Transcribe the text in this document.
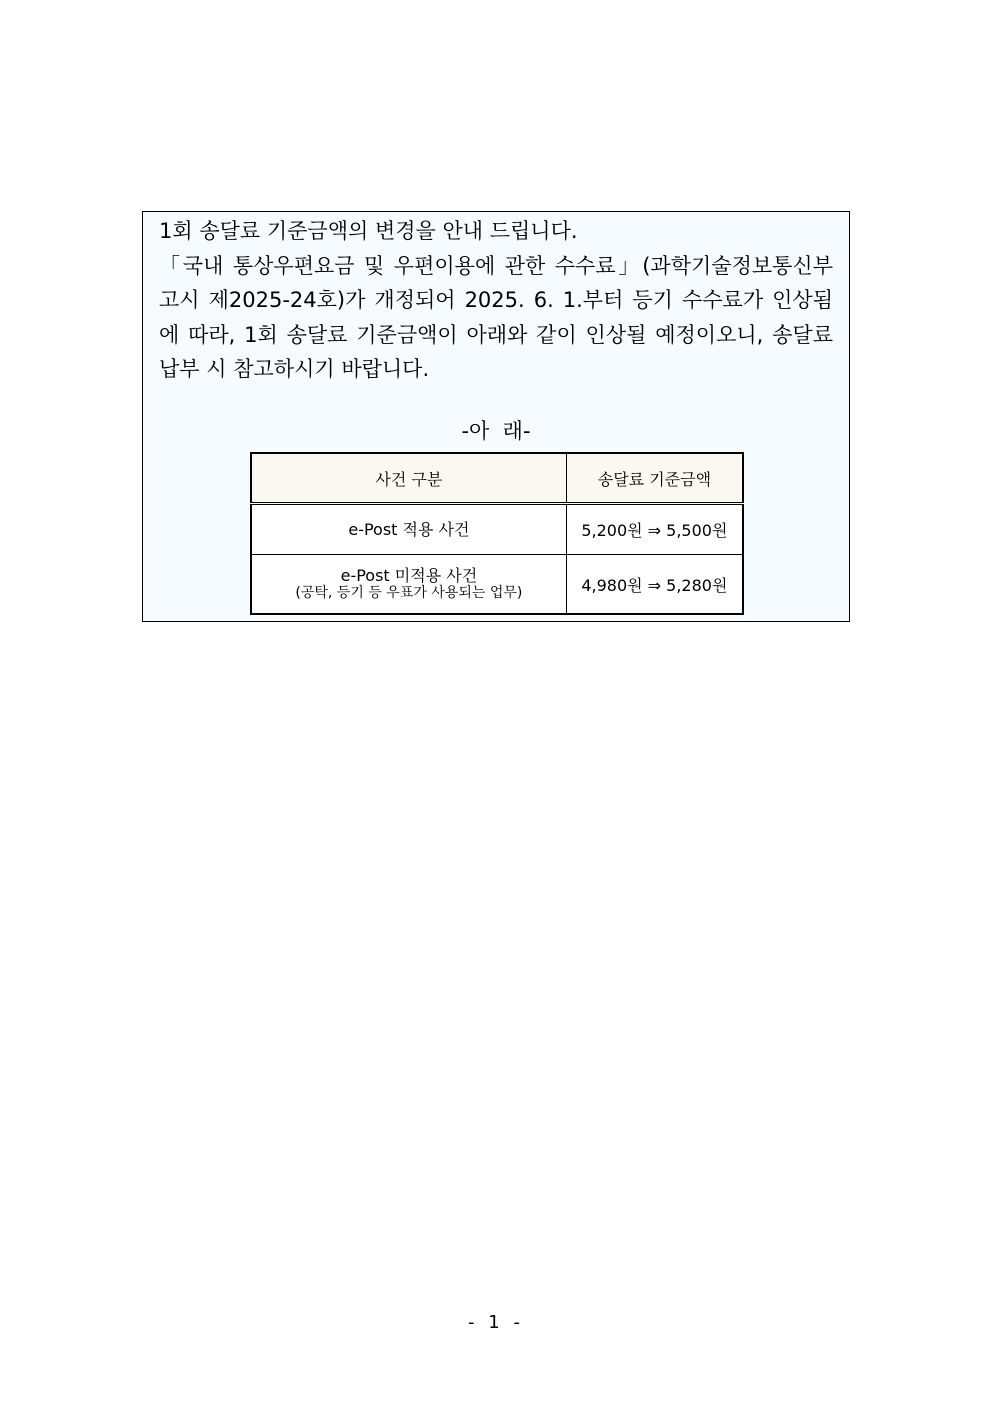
1회 송달료 기준금액의 변경을 안내 드립니다.

「국내 통상우편요금 및 우편이용에 관한 수수료」(과학기술정보통신부 고시 제2025-24호)가 개정되어 2025. 6. 1.부터 등기 수수료가 인상됨에 따라, 1회 송달료 기준금액이 아래와 같이 인상될 예정이오니, 송달료 납부 시 참고하시기 바랍니다.

-아  래-

사건 구분	송달료 기준금액

e-Post 적용 사건	5,200원 ⇒ 5,500원

e-Post 미적용 사건
(공탁, 등기 등 우표가 사용되는 업무)	4,980원 ⇒ 5,280원
- 1 -
